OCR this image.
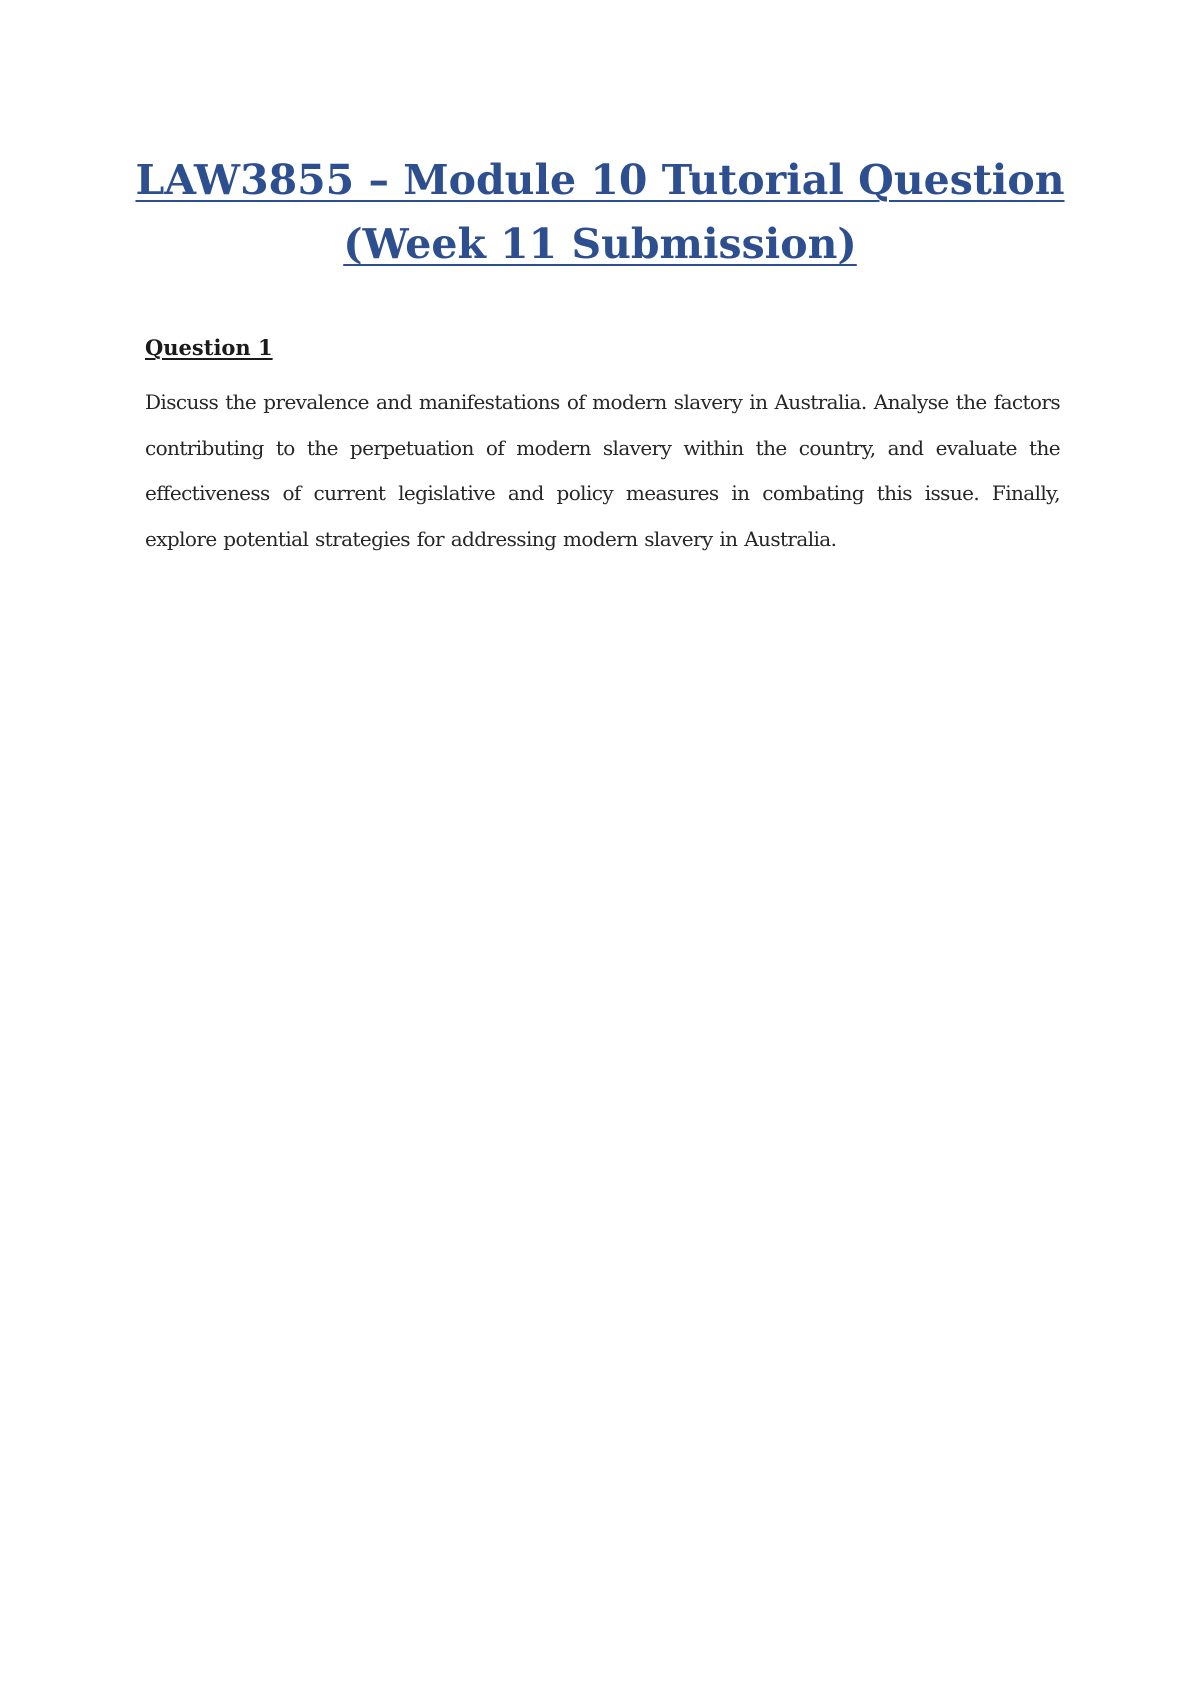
LAW3855 – Module 10 Tutorial Question
(Week 11 Submission)
Question 1
Discuss the prevalence and manifestations of modern slavery in Australia. Analyse the factors contributing to the perpetuation of modern slavery within the country, and evaluate the effectiveness of current legislative and policy measures in combating this issue. Finally, explore potential strategies for addressing modern slavery in Australia.
